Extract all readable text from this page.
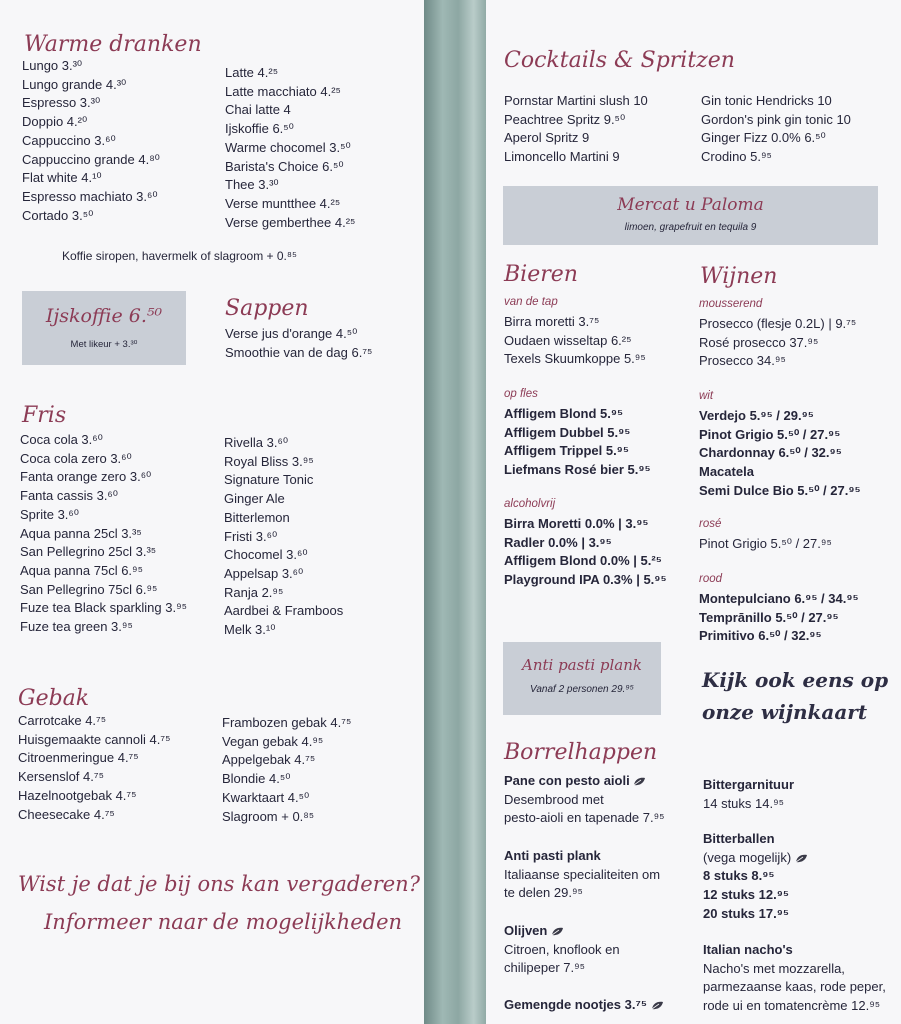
Warme dranken
Lungo 3.³⁰
Lungo grande 4.³⁰
Espresso 3.³⁰
Doppio 4.²⁰
Cappuccino 3.⁶⁰
Cappuccino grande 4.⁸⁰
Flat white 4.¹⁰
Espresso machiato 3.⁶⁰
Cortado 3.⁵⁰
Latte 4.²⁵
Latte macchiato 4.²⁵
Chai latte 4
Ijskoffie 6.⁵⁰
Warme chocomel 3.⁵⁰
Barista's Choice 6.⁵⁰
Thee 3.³⁰
Verse muntthee 4.²⁵
Verse gemberthee 4.²⁵
Koffie siropen, havermelk of slagroom + 0.⁸⁵
Ijskoffie 6.⁵⁰
Met likeur + 3.³⁰
Sappen
Verse jus d'orange 4.⁵⁰
Smoothie van de dag 6.⁷⁵
Fris
Coca cola 3.⁶⁰
Coca cola zero 3.⁶⁰
Fanta orange zero 3.⁶⁰
Fanta cassis 3.⁶⁰
Sprite 3.⁶⁰
Aqua panna 25cl 3.³⁵
San Pellegrino 25cl 3.³⁵
Aqua panna 75cl 6.⁹⁵
San Pellegrino 75cl 6.⁹⁵
Fuze tea Black sparkling 3.⁹⁵
Fuze tea green 3.⁹⁵
Rivella 3.⁶⁰
Royal Bliss 3.⁹⁵
Signature Tonic
Ginger Ale
Bitterlemon
Fristi 3.⁶⁰
Chocomel 3.⁶⁰
Appelsap 3.⁶⁰
Ranja 2.⁹⁵
Aardbei & Framboos
Melk 3.¹⁰
Gebak
Carrotcake 4.⁷⁵
Huisgemaakte cannoli 4.⁷⁵
Citroenmeringue 4.⁷⁵
Kersenslof 4.⁷⁵
Hazelnootgebak 4.⁷⁵
Cheesecake 4.⁷⁵
Frambozen gebak 4.⁷⁵
Vegan gebak 4.⁹⁵
Appelgebak 4.⁷⁵
Blondie 4.⁵⁰
Kwarktaart 4.⁵⁰
Slagroom + 0.⁸⁵
Wist je dat je bij ons kan vergaderen?
Informeer naar de mogelijkheden
Cocktails & Spritzen
Pornstar Martini slush 10
Peachtree Spritz 9.⁵⁰
Aperol Spritz 9
Limoncello Martini 9
Gin tonic Hendricks 10
Gordon's pink gin tonic 10
Ginger Fizz 0.0% 6.⁵⁰
Crodino 5.⁹⁵
Mercat u Paloma
limoen, grapefruit en tequila 9
Bieren
van de tap
Birra moretti 3.⁷⁵
Oudaen wisseltap 6.²⁵
Texels Skuumkoppe 5.⁹⁵
op fles
Affligem Blond 5.⁹⁵
Affligem Dubbel 5.⁹⁵
Affligem Trippel 5.⁹⁵
Liefmans Rosé bier 5.⁹⁵
alcoholvrij
Birra Moretti 0.0% | 3.⁹⁵
Radler 0.0% | 3.⁹⁵
Affligem Blond 0.0% | 5.²⁵
Playground IPA 0.3% | 5.⁹⁵
Wijnen
mousserend
Prosecco (flesje 0.2L) | 9.⁷⁵
Rosé prosecco 37.⁹⁵
Prosecco 34.⁹⁵
wit
Verdejo 5.⁹⁵ / 29.⁹⁵
Pinot Grigio 5.⁵⁰ / 27.⁹⁵
Chardonnay 6.⁵⁰ / 32.⁹⁵
Macatela
Semi Dulce Bio 5.⁵⁰ / 27.⁹⁵
rosé
Pinot Grigio 5.⁵⁰ / 27.⁹⁵
rood
Montepulciano 6.⁹⁵ / 34.⁹⁵
Temprānillo 5.⁵⁰ / 27.⁹⁵
Primitivo 6.⁵⁰ / 32.⁹⁵
Anti pasti plank
Vanaf 2 personen 29.⁹⁵	Kijk ook eens op
onze wijnkaart
Borrelhappen
Pane con pesto aioli
Desembrood met
pesto-aioli en tapenade 7.⁹⁵
Anti pasti plank
Italiaanse specialiteiten om
te delen 29.⁹⁵
Olijven
Citroen, knoflook en
chilipeper 7.⁹⁵
Gemengde nootjes 3.⁷⁵
Bittergarnituur
14 stuks 14.⁹⁵
Bitterballen
(vega mogelijk)
8 stuks 8.⁹⁵
12 stuks 12.⁹⁵
20 stuks 17.⁹⁵
Italian nacho's
Nacho's met mozzarella,
parmezaanse kaas, rode peper,
rode ui en tomatencrème 12.⁹⁵
